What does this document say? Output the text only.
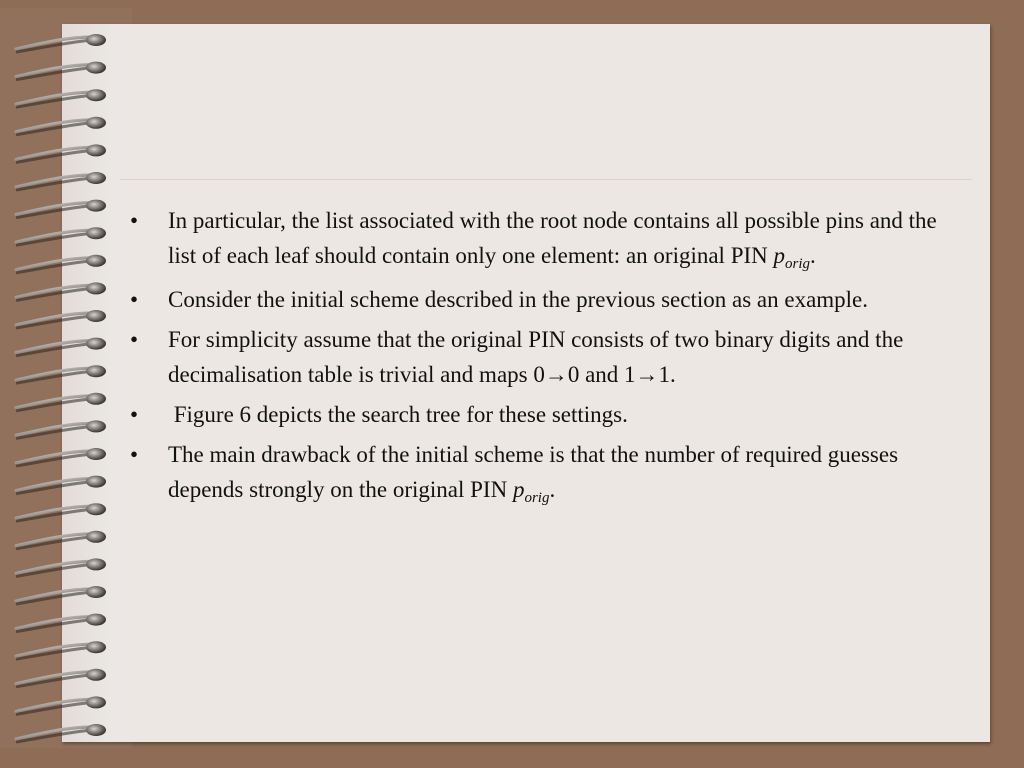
• In particular, the list associated with the root node contains all possible pins and the list of each leaf should contain only one element: an original PIN $p_{orig}$.
• Consider the initial scheme described in the previous section as an example.
• For simplicity assume that the original PIN consists of two binary digits and the decimalisation table is trivial and maps 0→0 and 1→1.
• Figure 6 depicts the search tree for these settings.
• The main drawback of the initial scheme is that the number of required guesses depends strongly on the original PIN $p_{orig}$.
